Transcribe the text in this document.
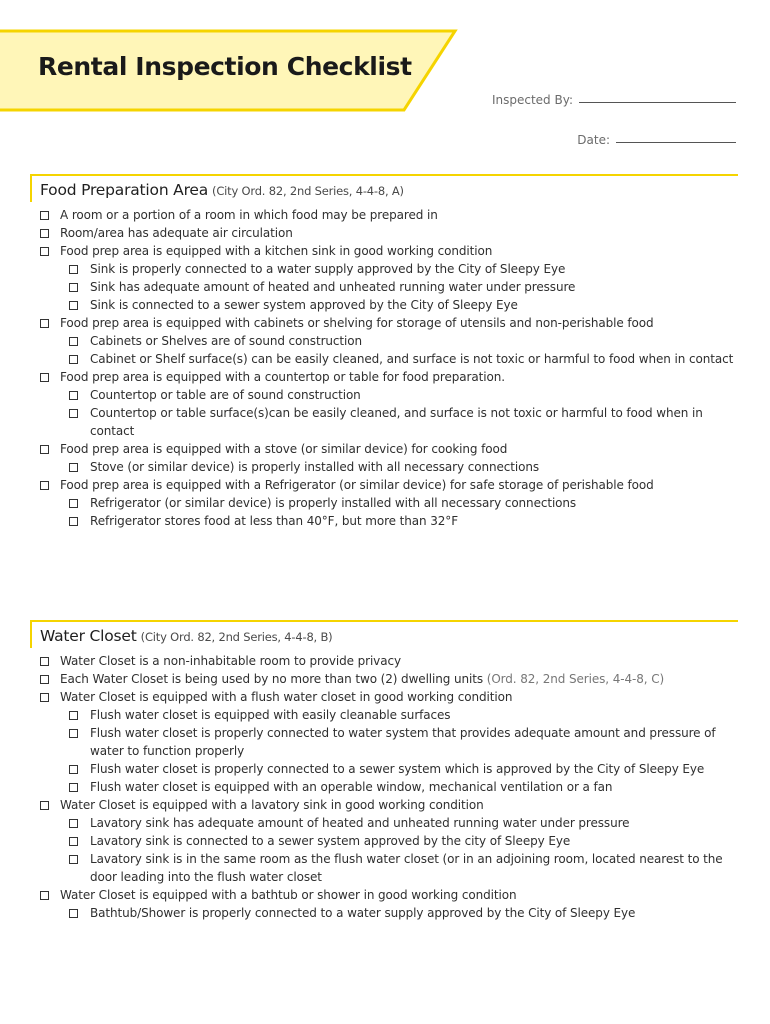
Rental Inspection Checklist
Inspected By:
Date:
Food Preparation Area (City Ord. 82, 2nd Series, 4-4-8, A)
A room or a portion of a room in which food may be prepared in
Room/area has adequate air circulation
Food prep area is equipped with a kitchen sink in good working condition
Sink is properly connected to a water supply approved by the City of Sleepy Eye
Sink has adequate amount of heated and unheated running water under pressure
Sink is connected to a sewer system approved by the City of Sleepy Eye
Food prep area is equipped with cabinets or shelving for storage of utensils and non-perishable food
Cabinets or Shelves are of sound construction
Cabinet or Shelf surface(s) can be easily cleaned, and surface is not toxic or harmful to food when in contact
Food prep area is equipped with a countertop or table for food preparation.
Countertop or table are of sound construction
Countertop or table surface(s)can be easily cleaned, and surface is not toxic or harmful to food when in contact
Food prep area is equipped with a stove (or similar device) for cooking food
Stove (or similar device) is properly installed with all necessary connections
Food prep area is equipped with a Refrigerator (or similar device) for safe storage of perishable food
Refrigerator (or similar device) is properly installed with all necessary connections
Refrigerator stores food at less than 40°F, but more than 32°F
Water Closet (City Ord. 82, 2nd Series, 4-4-8, B)
Water Closet is a non-inhabitable room to provide privacy
Each Water Closet is being used by no more than two (2) dwelling units (Ord. 82, 2nd Series, 4-4-8, C)
Water Closet is equipped with a flush water closet in good working condition
Flush water closet is equipped with easily cleanable surfaces
Flush water closet is properly connected to water system that provides adequate amount and pressure of water to function properly
Flush water closet is properly connected to a sewer system which is approved by the City of Sleepy Eye
Flush water closet is equipped with an operable window, mechanical ventilation or a fan
Water Closet is equipped with a lavatory sink in good working condition
Lavatory sink has adequate amount of heated and unheated running water under pressure
Lavatory sink is connected to a sewer system approved by the city of Sleepy Eye
Lavatory sink is in the same room as the flush water closet (or in an adjoining room, located nearest to the door leading into the flush water closet
Water Closet is equipped with a bathtub or shower in good working condition
Bathtub/Shower is properly connected to a water supply approved by the City of Sleepy Eye
